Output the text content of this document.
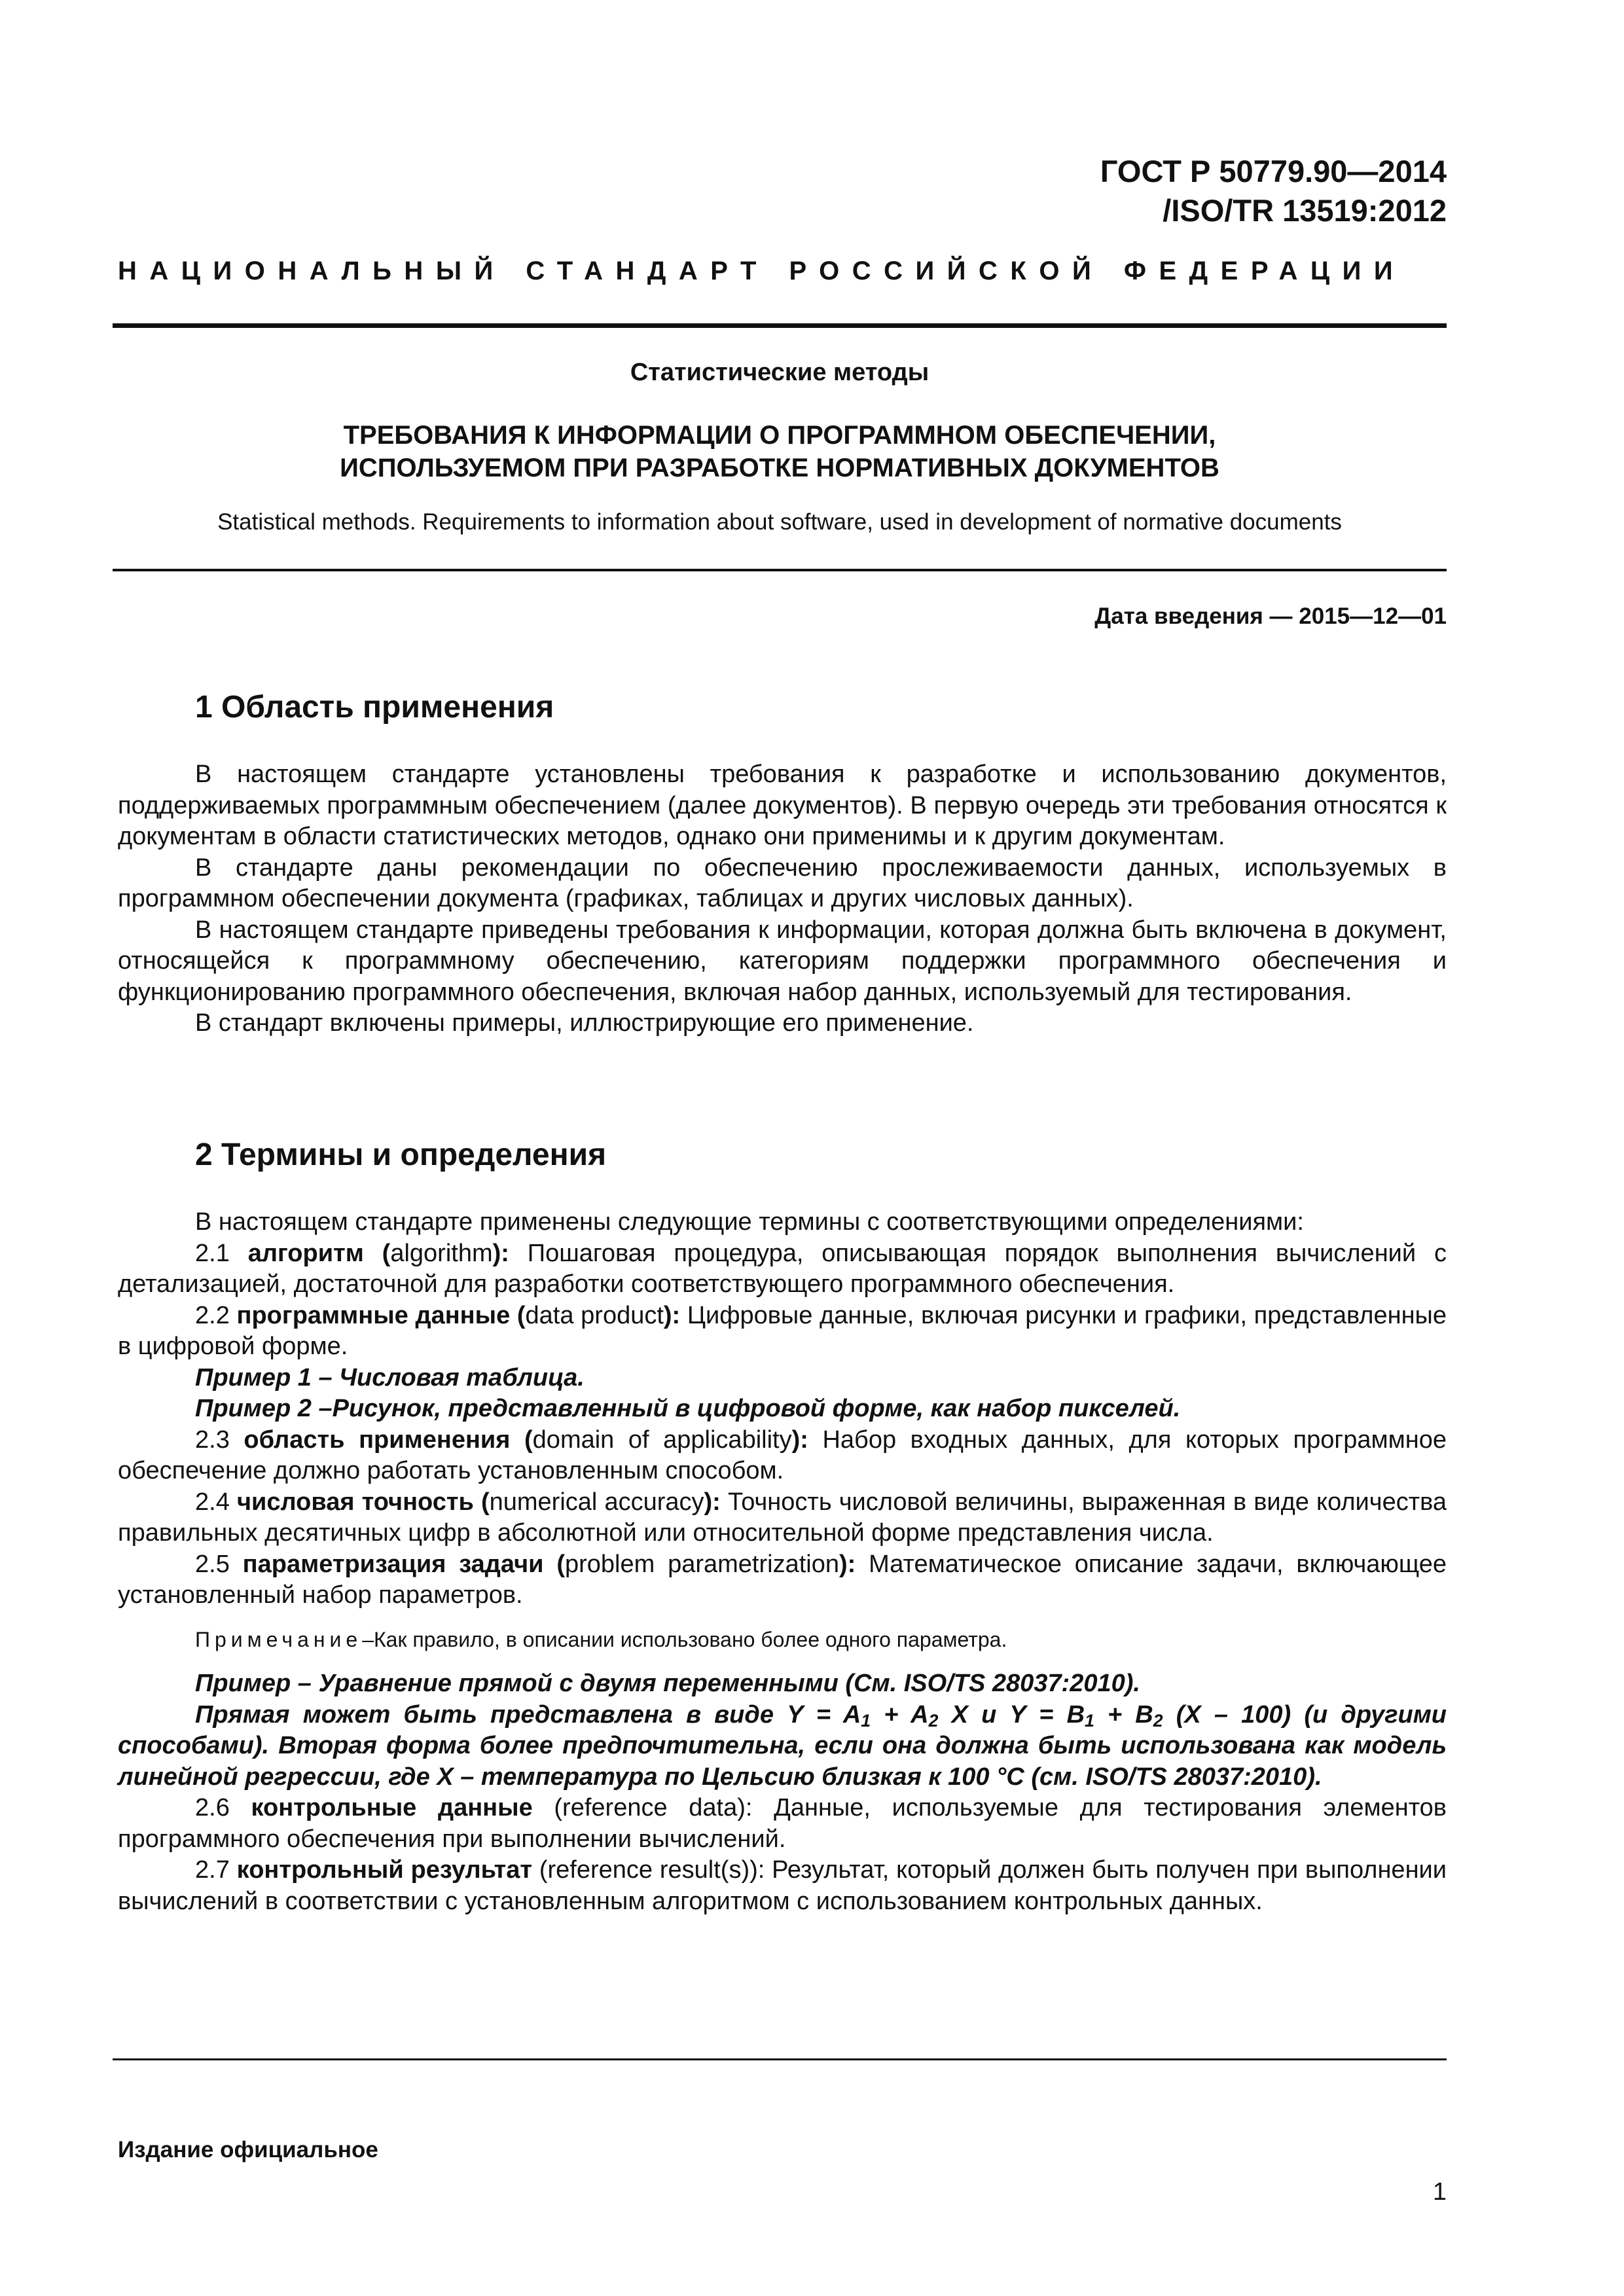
ГОСТ Р 50779.90—2014
/ISO/TR 13519:2012
НАЦИОНАЛЬНЫЙ СТАНДАРТ РОССИЙСКОЙ ФЕДЕРАЦИИ
Статистические методы
ТРЕБОВАНИЯ К ИНФОРМАЦИИ О ПРОГРАММНОМ ОБЕСПЕЧЕНИИ,
ИСПОЛЬЗУЕМОМ ПРИ РАЗРАБОТКЕ НОРМАТИВНЫХ ДОКУМЕНТОВ
Statistical methods. Requirements to information about software, used in development of normative documents
Дата введения — 2015—12—01
1 Область применения

В настоящем стандарте установлены требования к разработке и использованию документов, поддерживаемых программным обеспечением (далее документов). В первую очередь эти требования относятся к документам в области статистических методов, однако они применимы и к другим документам.

В стандарте даны рекомендации по обеспечению прослеживаемости данных, используемых в программном обеспечении документа (графиках, таблицах и других числовых данных).

В настоящем стандарте приведены требования к информации, которая должна быть включена в документ, относящейся к программному обеспечению, категориям поддержки программного обеспечения и функционированию программного обеспечения, включая набор данных, используемый для тестирования.

В стандарт включены примеры, иллюстрирующие его применение.

2 Термины и определения

В настоящем стандарте применены следующие термины с соответствующими определениями:

2.1 алгоритм (algorithm): Пошаговая процедура, описывающая порядок выполнения вычислений с детализацией, достаточной для разработки соответствующего программного обеспечения.

2.2 программные данные (data product): Цифровые данные, включая рисунки и графики, представленные в цифровой форме.

Пример 1 – Числовая таблица.

Пример 2 –Рисунок, представленный в цифровой форме, как набор пикселей.

2.3 область применения (domain of applicability): Набор входных данных, для которых программное обеспечение должно работать установленным способом.

2.4 числовая точность (numerical accuracy): Точность числовой величины, выраженная в виде количества правильных десятичных цифр в абсолютной или относительной форме представления числа.

2.5 параметризация задачи (problem parametrization): Математическое описание задачи, включающее установленный набор параметров.

Примечание–Как правило, в описании использовано более одного параметра.

Пример – Уравнение прямой с двумя переменными (См. ISO/TS 28037:2010).

Прямая может быть представлена в виде $Y = A_1 + A_2$ X и $Y = B_1 + B_2$ (X – 100) (и другими способами). Вторая форма более предпочтительна, если она должна быть использована как модель линейной регрессии, где X – температура по Цельсию близкая к 100 °C (см. ISO/TS 28037:2010).

2.6 контрольные данные (reference data): Данные, используемые для тестирования элементов программного обеспечения при выполнении вычислений.

2.7 контрольный результат (reference result(s)): Результат, который должен быть получен при выполнении вычислений в соответствии с установленным алгоритмом с использованием контрольных данных.

Издание официальное
1
